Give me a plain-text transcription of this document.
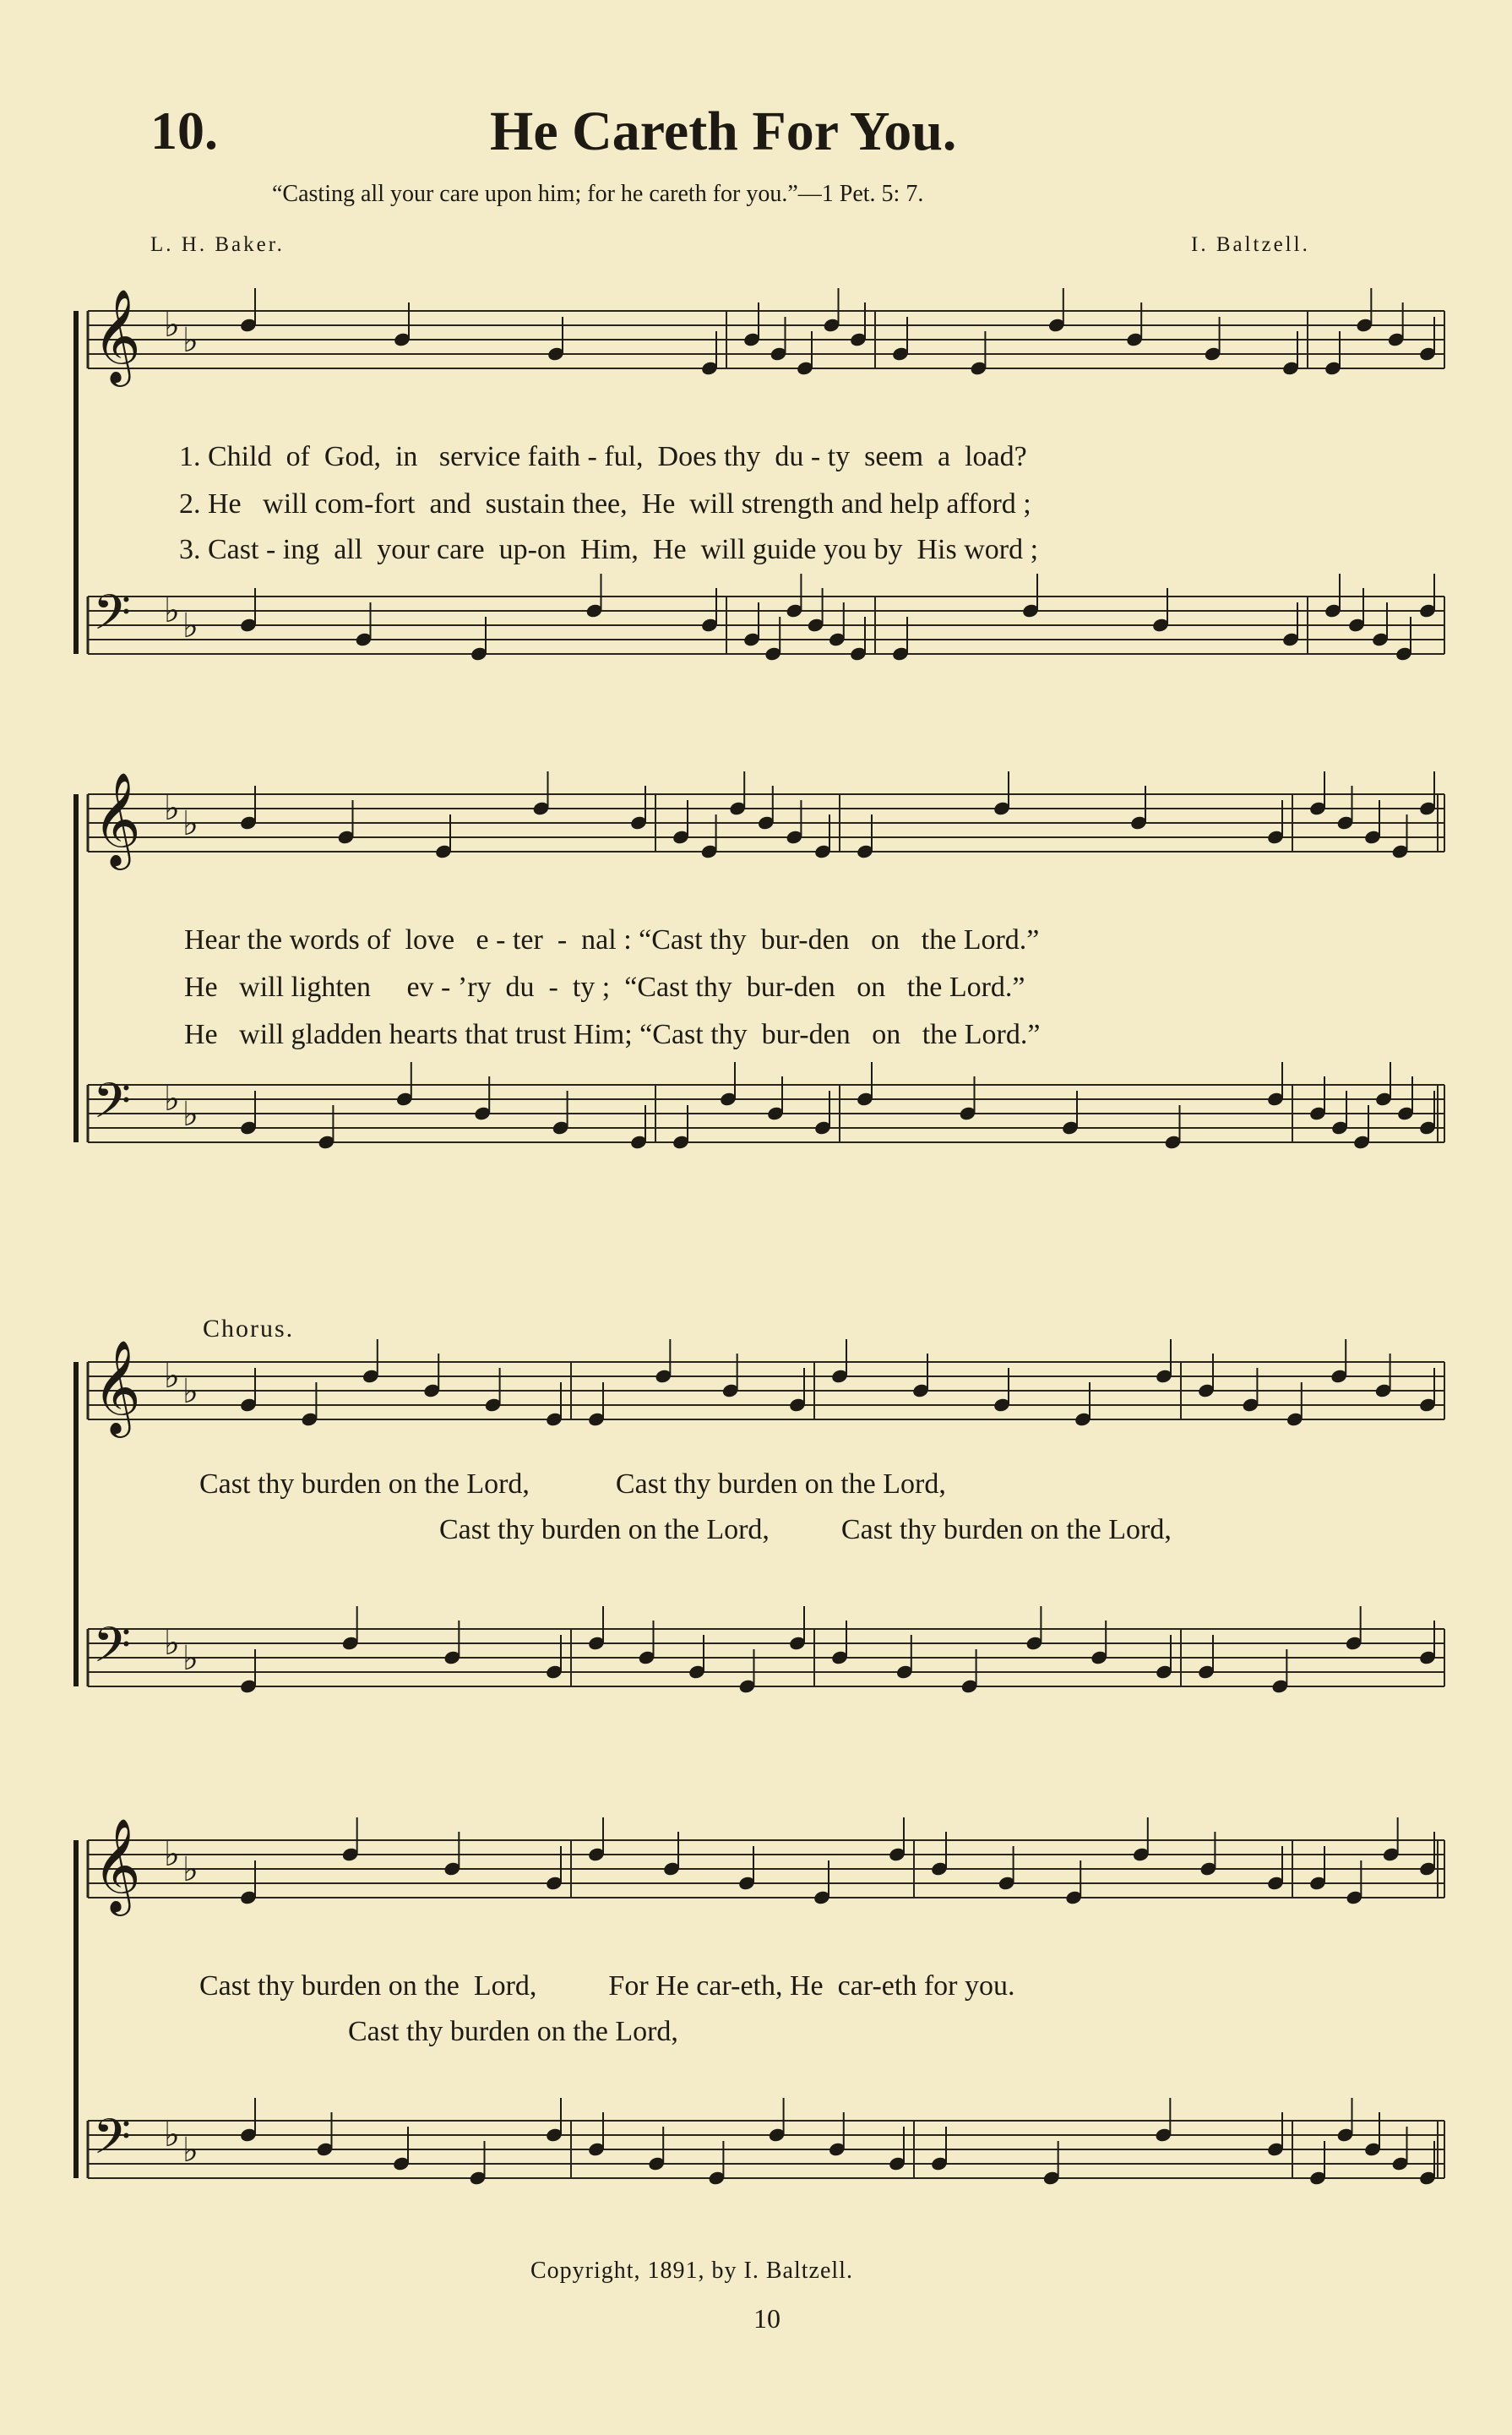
10.	He Careth For You.
“Casting all your care upon him; for he careth for you.”—1 Pet. 5: 7.
L. H. Baker.	I. Baltzell.
𝄞 ♭ ♭
𝄢 ♭ ♭
𝄞 ♭ ♭
𝄢 ♭ ♭
𝄞 ♭ ♭
𝄢 ♭ ♭
𝄞 ♭ ♭
𝄢 ♭ ♭
1. Child  of  God,  in   service faith - ful,  Does thy  du - ty  seem  a  load?
2. He   will com-fort  and  sustain thee,  He  will strength and help afford ;
3. Cast - ing  all  your care  up-on  Him,  He  will guide you by  His word ;
Hear the words of  love   e - ter  -  nal : “Cast thy  bur-den   on   the Lord.”
He   will lighten     ev - ’ry  du  -  ty ;  “Cast thy  bur-den   on   the Lord.”
He   will gladden hearts that trust Him; “Cast thy  bur-den   on   the Lord.”
Chorus.
Cast thy burden on the Lord,            Cast thy burden on the Lord,
Cast thy burden on the Lord,          Cast thy burden on the Lord,
Cast thy burden on the  Lord,          For He car-eth, He  car-eth for you.
Cast thy burden on the Lord,
Copyright, 1891, by I. Baltzell.
10
